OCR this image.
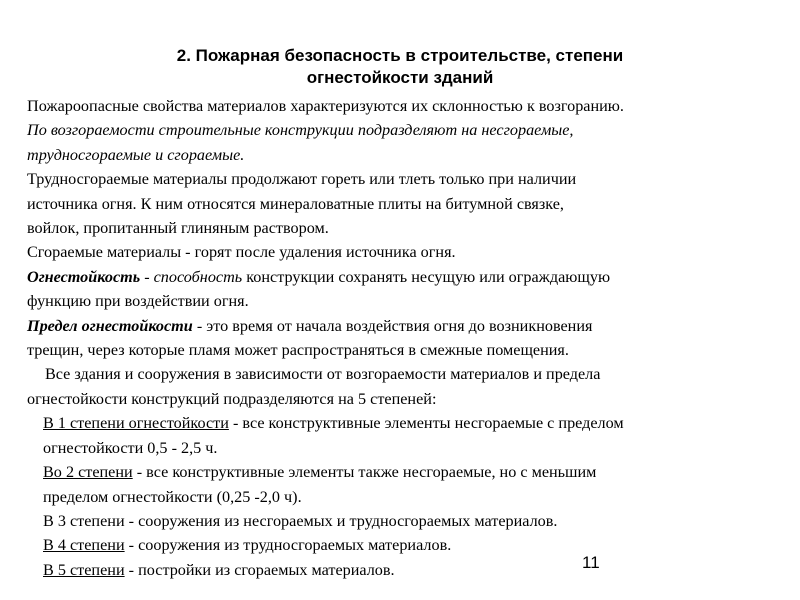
2. Пожарная безопасность в строительстве, степени
огнестойкости зданий
Пожароопасные свойства материалов характеризуются их склонностью к возгоранию.
По возгораемости строительные конструкции подразделяют на несгораемые,
трудносгораемые и сгораемые.
Трудносгораемые материалы продолжают гореть или тлеть только при наличии
источника огня. К ним относятся минераловатные плиты на битумной связке,
войлок, пропитанный глиняным раствором.
Сгораемые материалы - горят после удаления источника огня.
Огнестойкость - способность конструкции сохранять несущую или ограждающую
функцию при воздействии огня.
Предел огнестойкости - это время от начала воздействия огня до возникновения
трещин, через которые пламя может распространяться в смежные помещения.
Все здания и сооружения в зависимости от возгораемости материалов и предела
огнестойкости конструкций подразделяются на 5 степеней:
В 1 степени огнестойкости - все конструктивные элементы несгораемые с пределом
огнестойкости 0,5 - 2,5 ч.
Во 2 степени - все конструктивные элементы также несгораемые, но с меньшим
пределом огнестойкости (0,25 -2,0 ч).
В 3 степени - сооружения из несгораемых и трудносгораемых материалов.
В 4 степени - сооружения из трудносгораемых материалов.
В 5 степени - постройки из сгораемых материалов.	11
